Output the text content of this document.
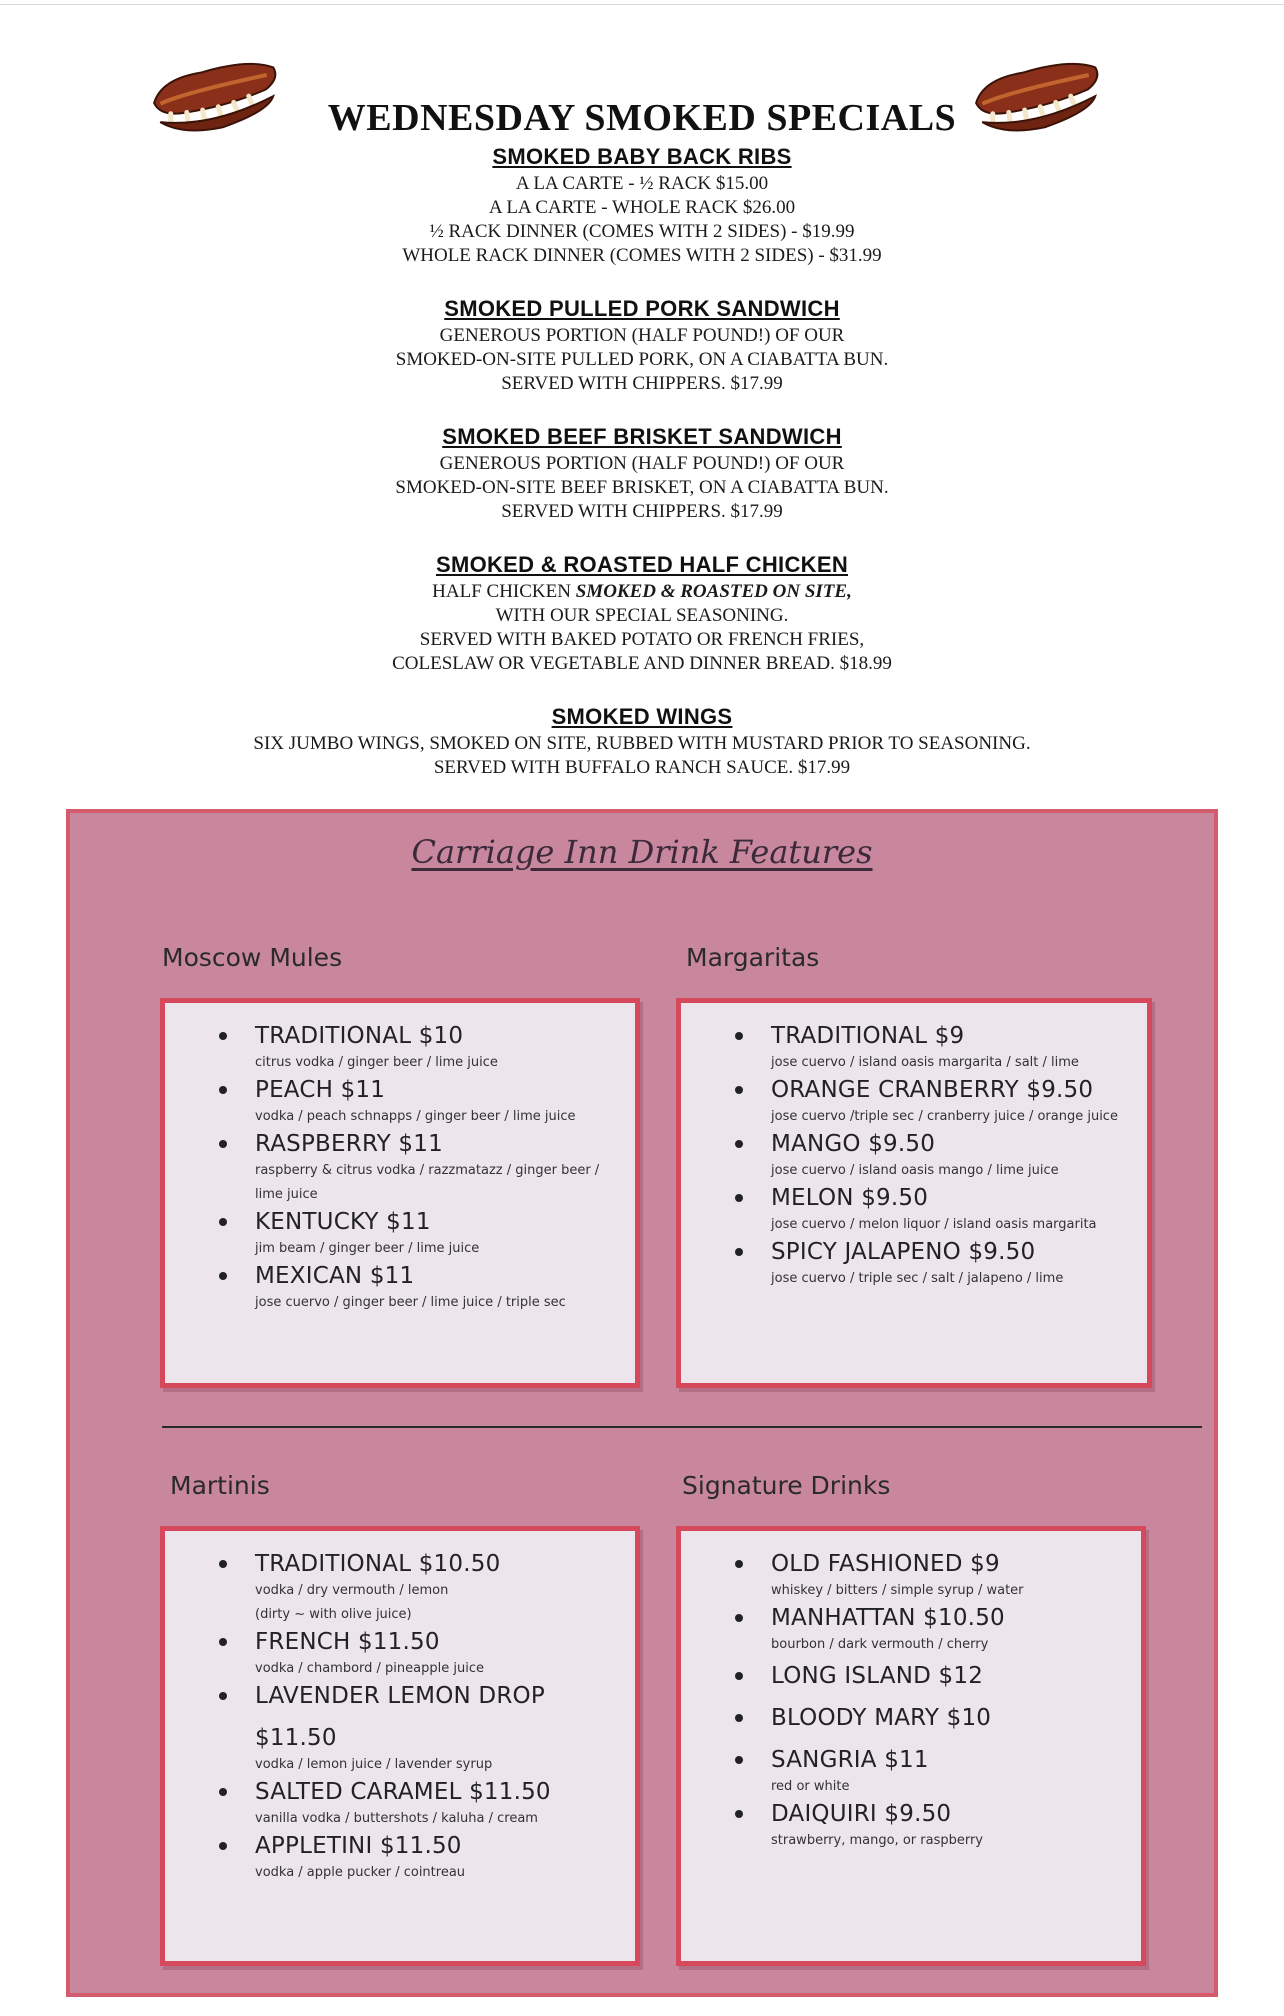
WEDNESDAY SMOKED SPECIALS
SMOKED BABY BACK RIBS
A LA CARTE - ½ RACK $15.00
A LA CARTE - WHOLE RACK $26.00
½ RACK DINNER (COMES WITH 2 SIDES) - $19.99
WHOLE RACK DINNER (COMES WITH 2 SIDES) - $31.99
SMOKED PULLED PORK SANDWICH
GENEROUS PORTION (HALF POUND!) OF OUR
SMOKED-ON-SITE PULLED PORK, ON A CIABATTA BUN.
SERVED WITH CHIPPERS. $17.99
SMOKED BEEF BRISKET SANDWICH
GENEROUS PORTION (HALF POUND!) OF OUR
SMOKED-ON-SITE BEEF BRISKET, ON A CIABATTA BUN.
SERVED WITH CHIPPERS. $17.99
SMOKED & ROASTED HALF CHICKEN
HALF CHICKEN SMOKED & ROASTED ON SITE,
WITH OUR SPECIAL SEASONING.
SERVED WITH BAKED POTATO OR FRENCH FRIES,
COLESLAW OR VEGETABLE AND DINNER BREAD. $18.99
SMOKED WINGS
SIX JUMBO WINGS, SMOKED ON SITE, RUBBED WITH MUSTARD PRIOR TO SEASONING.
SERVED WITH BUFFALO RANCH SAUCE. $17.99
Carriage Inn Drink Features
Moscow Mules
TRADITIONAL $10
citrus vodka / ginger beer / lime juice
PEACH $11
vodka / peach schnapps / ginger beer / lime juice
RASPBERRY $11
raspberry & citrus vodka / razzmatazz / ginger beer /
lime juice
KENTUCKY $11
jim beam / ginger beer / lime juice
MEXICAN $11
jose cuervo / ginger beer / lime juice / triple sec
Margaritas
TRADITIONAL $9
jose cuervo / island oasis margarita / salt / lime
ORANGE CRANBERRY $9.50
jose cuervo /triple sec / cranberry juice / orange juice
MANGO $9.50
jose cuervo / island oasis mango / lime juice
MELON $9.50
jose cuervo / melon liquor / island oasis margarita
SPICY JALAPENO $9.50
jose cuervo / triple sec / salt / jalapeno / lime
Martinis
TRADITIONAL $10.50
vodka / dry vermouth / lemon
(dirty ~ with olive juice)
FRENCH $11.50
vodka / chambord / pineapple juice
LAVENDER LEMON DROP
$11.50
vodka / lemon juice / lavender syrup
SALTED CARAMEL $11.50
vanilla vodka / buttershots / kaluha / cream
APPLETINI $11.50
vodka / apple pucker / cointreau
Signature Drinks
OLD FASHIONED $9
whiskey / bitters / simple syrup / water
MANHATTAN $10.50
bourbon / dark vermouth / cherry
LONG ISLAND $12
BLOODY MARY $10
SANGRIA $11
red or white
DAIQUIRI $9.50
strawberry, mango, or raspberry
